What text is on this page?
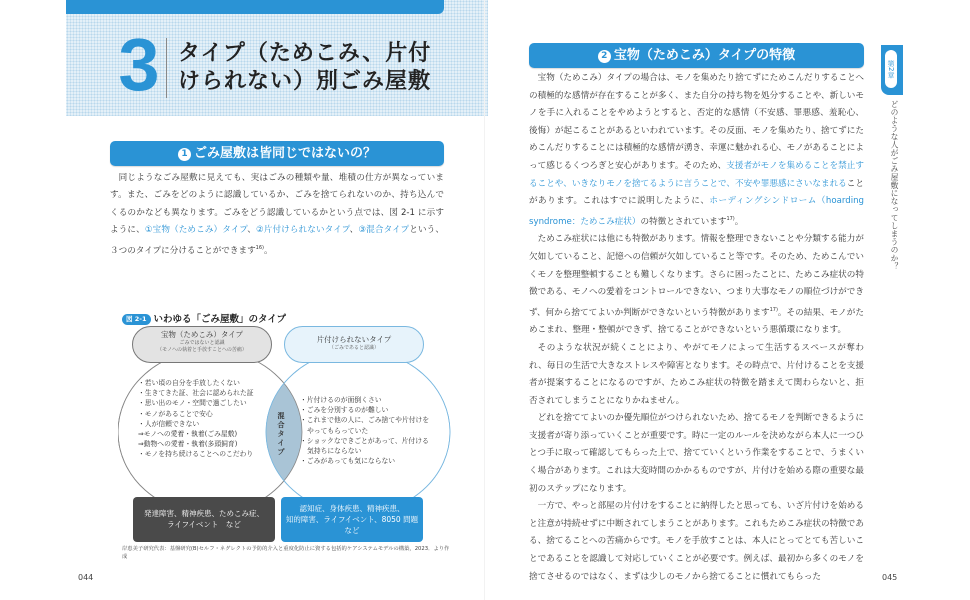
3 タイプ（ためこみ、片付
けられない）別ごみ屋敷
1 ごみ屋敷は皆同じではないの？

同じようなごみ屋敷に見えても、実はごみの種類や量、堆積の仕方が異なっています。また、ごみをどのように認識しているか、ごみを捨てられないのか、持ち込んでくるのかなども異なります。ごみをどう認識しているかという点では、図 2-1 に示すように、①宝物（ためこみ）タイプ、②片付けられないタイプ、③混合タイプという、３つのタイプに分けることができます$^{16)}$。

図 2-1 いわゆる「ごみ屋敷」のタイプ
宝物（ためこみ）タイプ
ごみではないと認識
（モノへの執着と手放すことへの苦痛）
片付けられないタイプ
（ごみであると認識）
混合タイプ
・若い頃の自分を手放したくない
・生きてきた証、社会に認められた証
・思い出のモノ・空間で過ごしたい
・モノがあることで安心
・人が信頼できない
⇒モノへの愛着・執着(ごみ屋敷)
⇒動物への愛着・執着(多頭飼育)
・モノを持ち続けることへのこだわり
・片付けるのが面倒くさい
・ごみを分別するのが難しい
・これまで他の人に、ごみ捨てや片付けをやってもらっていた
・ショックなできごとがあって、片付ける気持ちにならない
・ごみがあっても気にならない
発達障害、精神疾患、ためこみ症、
ライフイベント　など
認知症、身体疾患、精神疾患、
知的障害、ライフイベント、8050 問題
など
岸恵美子研究代表：基盤研究(B)セルフ・ネグレクトの予防的介入と重度化防止に資する包括的ケアシステムモデルの構築，2023．より作成
044
2 宝物（ためこみ）タイプの特徴

宝物（ためこみ）タイプの場合は、モノを集めたり捨てずにためこんだりすることへの積極的な感情が存在することが多く、また自分の持ち物を処分することや、新しいモノを手に入れることをやめようとすると、否定的な感情（不安感、罪悪感、羞恥心、後悔）が起こることがあるといわれています。その反面、モノを集めたり、捨てずにためこんだりすることには積極的な感情が湧き、幸運に魅かれる心、モノがあることによって感じるくつろぎと安心があります。そのため、支援者がモノを集めることを禁止することや、いきなりモノを捨てるように言うことで、不安や罪悪感にさいなまれることがあります。これはすでに説明したように、ホーディングシンドローム（hoarding syndrome：ためこみ症状）の特徴とされています$^{17)}$。

ためこみ症状には他にも特徴があります。情報を整理できないことや分類する能力が欠如していること、記憶への信頼が欠如していること等です。そのため、ためこんでいくモノを整理整頓することも難しくなります。さらに困ったことに、ためこみ症状の特徴である、モノへの愛着をコントロールできない、つまり大事なモノの順位づけができず、何から捨ててよいか判断ができないという特徴があります$^{17)}$。その結果、モノがためこまれ、整理・整頓ができず、捨てることができないという悪循環になります。

そのような状況が続くことにより、やがてモノによって生活するスペースが奪われ、毎日の生活で大きなストレスや障害となります。その時点で、片付けることを支援者が提案することになるのですが、ためこみ症状の特徴を踏まえて関わらないと、拒否されてしまうことになりかねません。

どれを捨ててよいのか優先順位がつけられないため、捨てるモノを判断できるように支援者が寄り添っていくことが重要です。時に一定のルールを決めながら本人に一つひとつ手に取って確認してもらった上で、捨てていくという作業をすることで、うまくいく場合があります。これは大変時間のかかるものですが、片付けを始める際の重要な最初のステップになります。

一方で、やっと部屋の片付けをすることに納得したと思っても、いざ片付けを始めると注意が持続せずに中断されてしまうことがあります。これもためこみ症状の特徴である、捨てることへの苦痛からです。モノを手放すことは、本人にとってとても苦しいことであることを認識して対応していくことが必要です。例えば、最初から多くのモノを捨てさせるのではなく、まずは少しのモノから捨てることに慣れてもらった

第2章
どのような人がごみ屋敷になってしまうのか？
045
